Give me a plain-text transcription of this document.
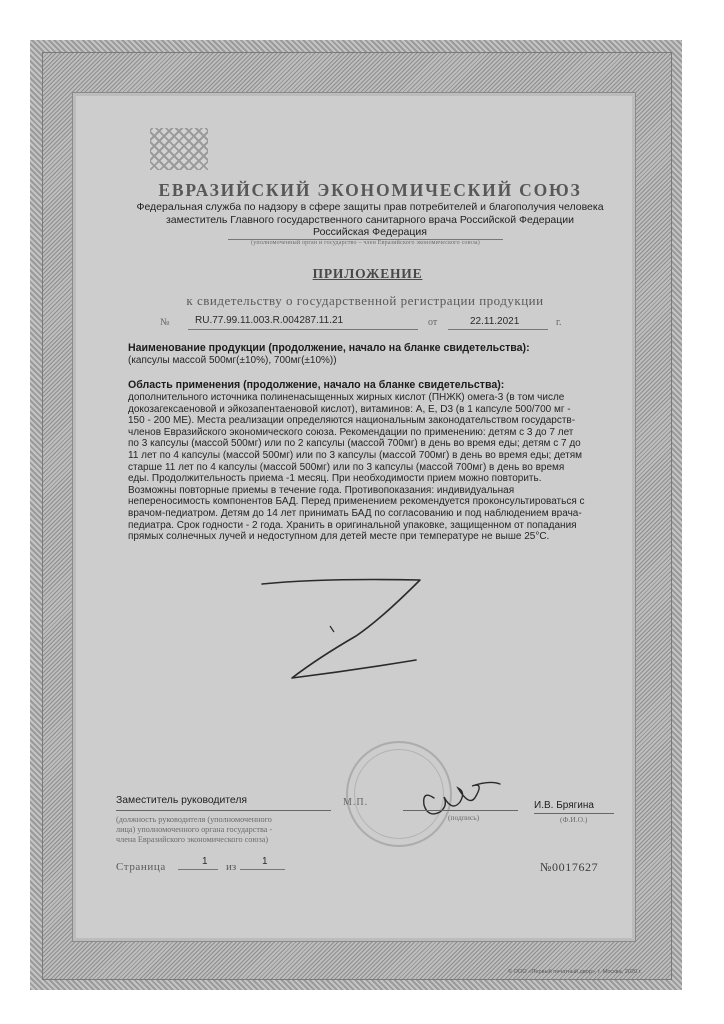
ЕВРАЗИЙСКИЙ ЭКОНОМИЧЕСКИЙ СОЮЗ
Федеральная служба по надзору в сфере защиты прав потребителей и благополучия человека
заместитель Главного государственного санитарного врача Российской Федерации
Российская Федерация
(уполномоченный орган и государство – член Евразийского экономического союза)
ПРИЛОЖЕНИЕ
к свидетельству о государственной регистрации продукции
№	RU.77.99.11.003.R.004287.11.21	от	22.11.2021	г.
Наименование продукции (продолжение, начало на бланке свидетельства):
(капсулы массой 500мг(±10%), 700мг(±10%))
Область применения (продолжение, начало на бланке свидетельства):
дополнительного источника полиненасыщенных жирных кислот (ПНЖК) омега-3 (в том числе
докозагексаеновой и эйкозапентаеновой кислот), витаминов: А, Е, D3 (в 1 капсуле 500/700 мг -
150 - 200 МЕ). Места реализации определяются национальным законодательством государств-
членов Евразийского экономического союза. Рекомендации по применению: детям с 3 до 7 лет
по 3 капсулы (массой 500мг) или по 2 капсулы (массой 700мг) в день во время еды; детям с 7 до
11 лет по 4 капсулы (массой 500мг) или по 3 капсулы (массой 700мг) в день во время еды; детям
старше 11 лет по 4 капсулы (массой 500мг) или по 3 капсулы (массой 700мг) в день во время
еды. Продолжительность приема -1 месяц. При необходимости прием можно повторить.
Возможны повторные приемы в течение года. Противопоказания: индивидуальная
непереносимость компонентов БАД. Перед применением рекомендуется проконсультироваться с
врачом-педиатром. Детям до 14 лет принимать БАД по согласованию и под наблюдением врача-
педиатра. Срок годности - 2 года. Хранить в оригинальной упаковке, защищенном от попадания
прямых солнечных лучей и недоступном для детей месте при температуре не выше 25°С.
Заместитель руководителя	М.П.	И.В. Брягина
(должность руководителя (уполномоченного
лица) уполномоченного органа государства -
члена Евразийского экономического союза)
(подпись)	(Ф.И.О.)
Страница	1 из	1	№0017627
© ООО «Первый печатный двор», г. Москва, 2020 г.
